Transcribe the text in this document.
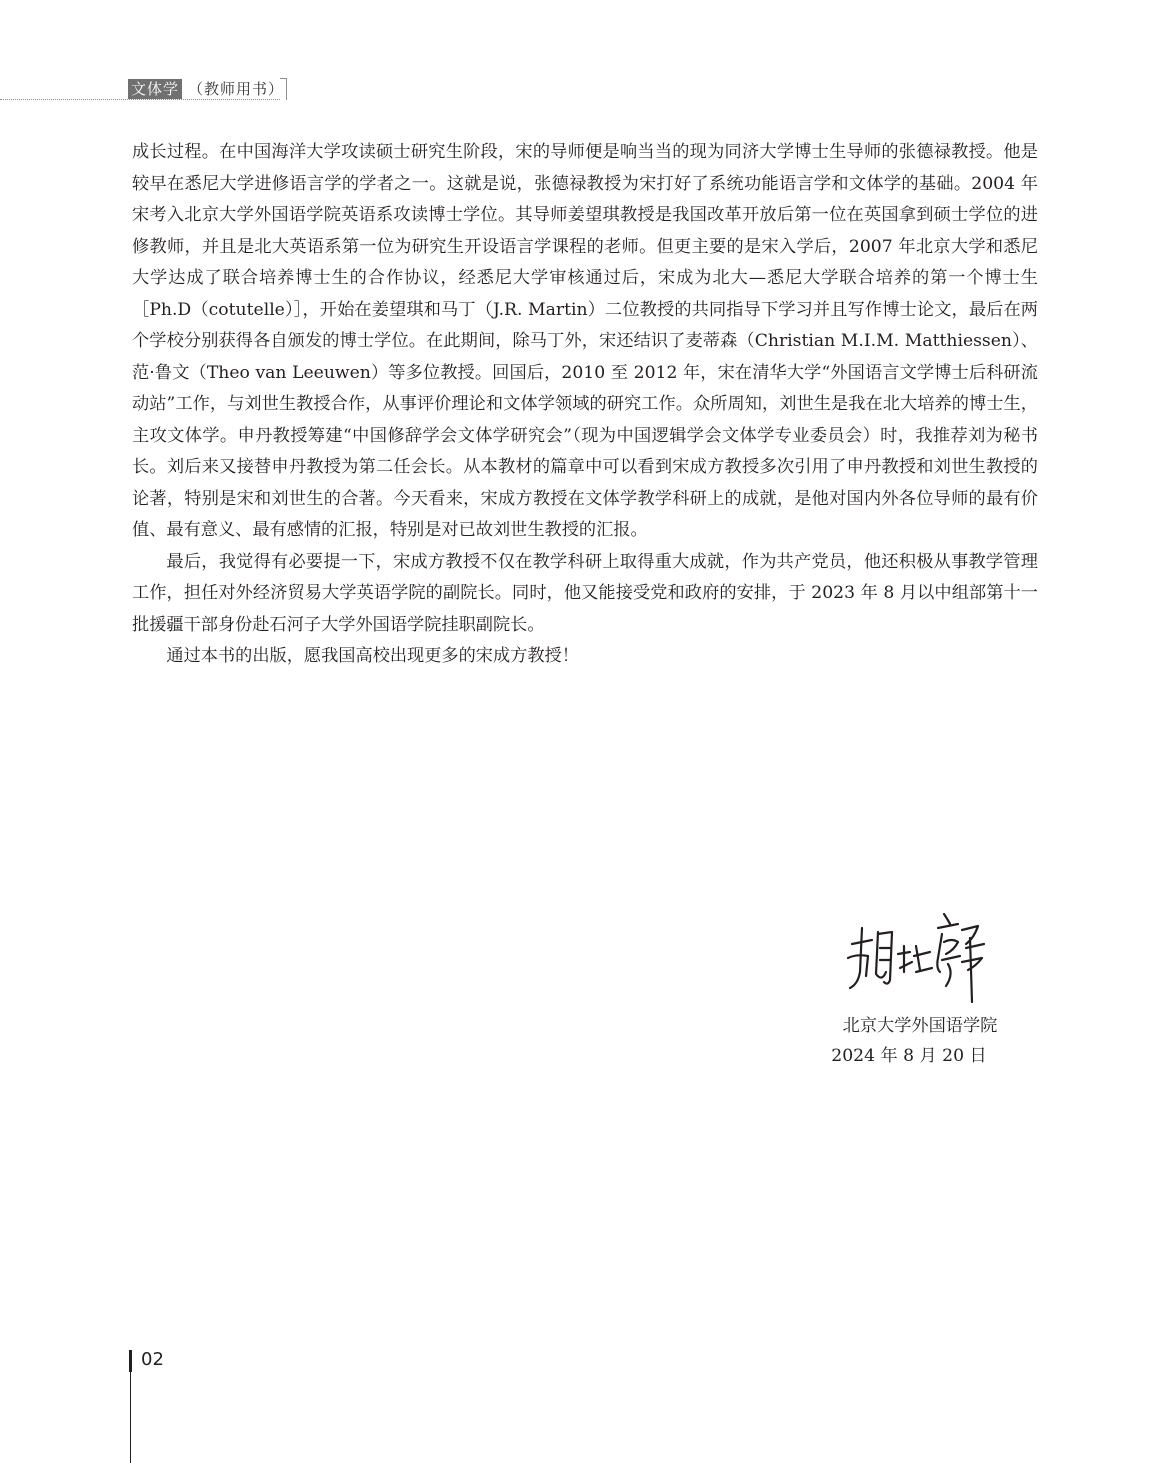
文体学 （教师用书）

成长过程。在中国海洋大学攻读硕士研究生阶段，宋的导师便是响当当的现为同济大学博士生导师的张德禄教授。他是较早在悉尼大学进修语言学的学者之一。这就是说，张德禄教授为宋打好了系统功能语言学和文体学的基础。2004 年宋考入北京大学外国语学院英语系攻读博士学位。其导师姜望琪教授是我国改革开放后第一位在英国拿到硕士学位的进修教师，并且是北大英语系第一位为研究生开设语言学课程的老师。但更主要的是宋入学后，2007 年北京大学和悉尼大学达成了联合培养博士生的合作协议，经悉尼大学审核通过后，宋成为北大—悉尼大学联合培养的第一个博士生［Ph.D（cotutelle）］，开始在姜望琪和马丁（J.R. Martin）二位教授的共同指导下学习并且写作博士论文，最后在两个学校分别获得各自颁发的博士学位。在此期间，除马丁外，宋还结识了麦蒂森（Christian M.I.M. Matthiessen）、范·鲁文（Theo van Leeuwen）等多位教授。回国后，2010 至 2012 年，宋在清华大学“外国语言文学博士后科研流动站”工作，与刘世生教授合作，从事评价理论和文体学领域的研究工作。众所周知，刘世生是我在北大培养的博士生，主攻文体学。申丹教授筹建“中国修辞学会文体学研究会”（现为中国逻辑学会文体学专业委员会）时，我推荐刘为秘书长。刘后来又接替申丹教授为第二任会长。从本教材的篇章中可以看到宋成方教授多次引用了申丹教授和刘世生教授的论著，特别是宋和刘世生的合著。今天看来，宋成方教授在文体学教学科研上的成就，是他对国内外各位导师的最有价值、最有意义、最有感情的汇报，特别是对已故刘世生教授的汇报。

最后，我觉得有必要提一下，宋成方教授不仅在教学科研上取得重大成就，作为共产党员，他还积极从事教学管理工作，担任对外经济贸易大学英语学院的副院长。同时，他又能接受党和政府的安排，于 2023 年 8 月以中组部第十一批援疆干部身份赴石河子大学外国语学院挂职副院长。

通过本书的出版，愿我国高校出现更多的宋成方教授！

北京大学外国语学院
2024 年 8 月 20 日
02
